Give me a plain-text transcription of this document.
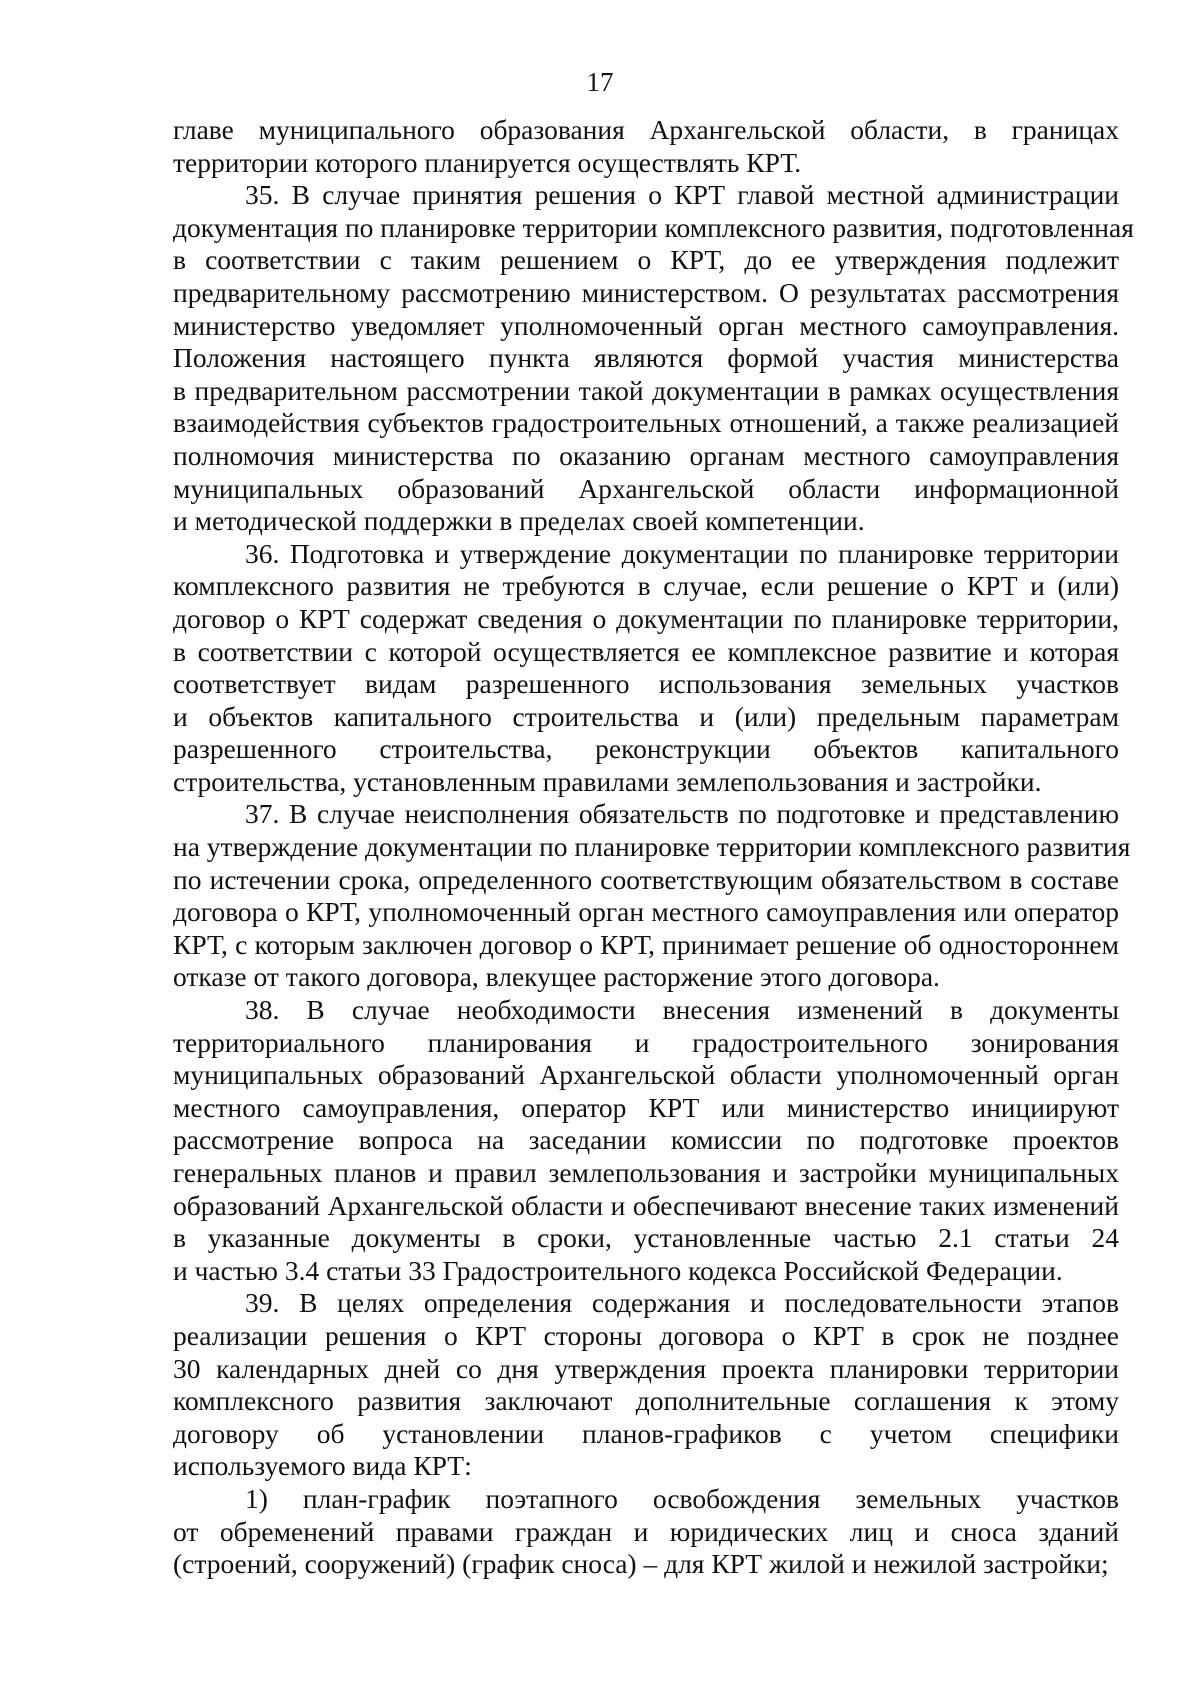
17
главе муниципального образования Архангельской области, в границах
территории которого планируется осуществлять КРТ.
35. В случае принятия решения о КРТ главой местной администрации
документация по планировке территории комплексного развития, подготовленная
в соответствии с таким решением о КРТ, до ее утверждения подлежит
предварительному рассмотрению министерством. О результатах рассмотрения
министерство уведомляет уполномоченный орган местного самоуправления.
Положения настоящего пункта являются формой участия министерства
в предварительном рассмотрении такой документации в рамках осуществления
взаимодействия субъектов градостроительных отношений, а также реализацией
полномочия министерства по оказанию органам местного самоуправления
муниципальных образований Архангельской области информационной
и методической поддержки в пределах своей компетенции.
36. Подготовка и утверждение документации по планировке территории
комплексного развития не требуются в случае, если решение о КРТ и (или)
договор о КРТ содержат сведения о документации по планировке территории,
в соответствии с которой осуществляется ее комплексное развитие и которая
соответствует видам разрешенного использования земельных участков
и объектов капитального строительства и (или) предельным параметрам
разрешенного строительства, реконструкции объектов капитального
строительства, установленным правилами землепользования и застройки.
37. В случае неисполнения обязательств по подготовке и представлению
на утверждение документации по планировке территории комплексного развития
по истечении срока, определенного соответствующим обязательством в составе
договора о КРТ, уполномоченный орган местного самоуправления или оператор
КРТ, с которым заключен договор о КРТ, принимает решение об одностороннем
отказе от такого договора, влекущее расторжение этого договора.
38. В случае необходимости внесения изменений в документы
территориального планирования и градостроительного зонирования
муниципальных образований Архангельской области уполномоченный орган
местного самоуправления, оператор КРТ или министерство инициируют
рассмотрение вопроса на заседании комиссии по подготовке проектов
генеральных планов и правил землепользования и застройки муниципальных
образований Архангельской области и обеспечивают внесение таких изменений
в указанные документы в сроки, установленные частью 2.1 статьи 24
и частью 3.4 статьи 33 Градостроительного кодекса Российской Федерации.
39. В целях определения содержания и последовательности этапов
реализации решения о КРТ стороны договора о КРТ в срок не позднее
30 календарных дней со дня утверждения проекта планировки территории
комплексного развития заключают дополнительные соглашения к этому
договору об установлении планов-графиков с учетом специфики
используемого вида КРТ:
1) план-график поэтапного освобождения земельных участков
от обременений правами граждан и юридических лиц и сноса зданий
(строений, сооружений) (график сноса) – для КРТ жилой и нежилой застройки;
